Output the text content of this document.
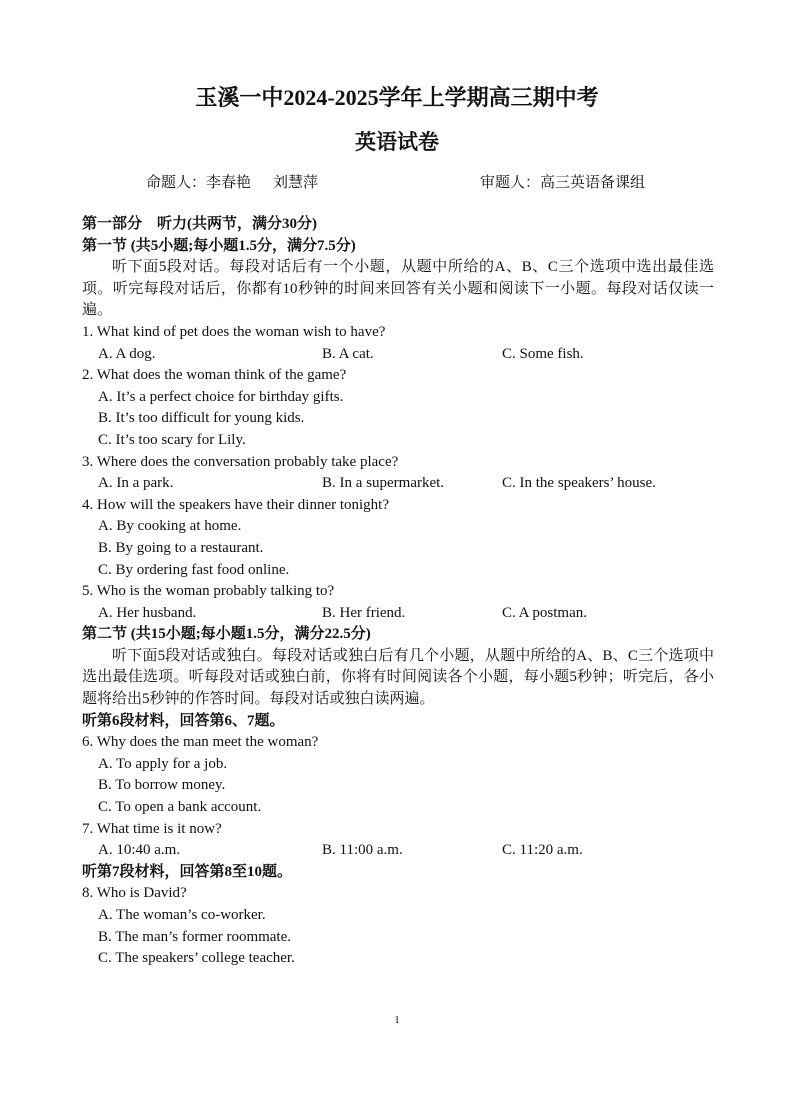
玉溪一中2024-2025学年上学期高三期中考
英语试卷
命题人：李春艳 刘慧萍	审题人：高三英语备课组
第一部分　听力(共两节，满分30分)
第一节 (共5小题;每小题1.5分，满分7.5分)
听下面5段对话。每段对话后有一个小题，从题中所给的A、B、C三个选项中选出最佳选项。听完每段对话后，你都有10秒钟的时间来回答有关小题和阅读下一小题。每段对话仅读一遍。
1. What kind of pet does the woman wish to have?
A. A dog.	B. A cat.	C. Some fish.
2. What does the woman think of the game?
A. It’s a perfect choice for birthday gifts.
B. It’s too difficult for young kids.
C. It’s too scary for Lily.
3. Where does the conversation probably take place?
A. In a park.	B. In a supermarket.	C. In the speakers’ house.
4. How will the speakers have their dinner tonight?
A. By cooking at home.
B. By going to a restaurant.
C. By ordering fast food online.
5. Who is the woman probably talking to?
A. Her husband.	B. Her friend.	C. A postman.
第二节 (共15小题;每小题1.5分，满分22.5分)
听下面5段对话或独白。每段对话或独白后有几个小题，从题中所给的A、B、C三个选项中选出最佳选项。听每段对话或独白前，你将有时间阅读各个小题，每小题5秒钟；听完后，各小题将给出5秒钟的作答时间。每段对话或独白读两遍。
听第6段材料，回答第6、7题。
6. Why does the man meet the woman?
A. To apply for a job.
B. To borrow money.
C. To open a bank account.
7. What time is it now?
A. 10:40 a.m.	B. 11:00 a.m.	C. 11:20 a.m.
听第7段材料，回答第8至10题。
8. Who is David?
A. The woman’s co-worker.
B. The man’s former roommate.
C. The speakers’ college teacher.
1
